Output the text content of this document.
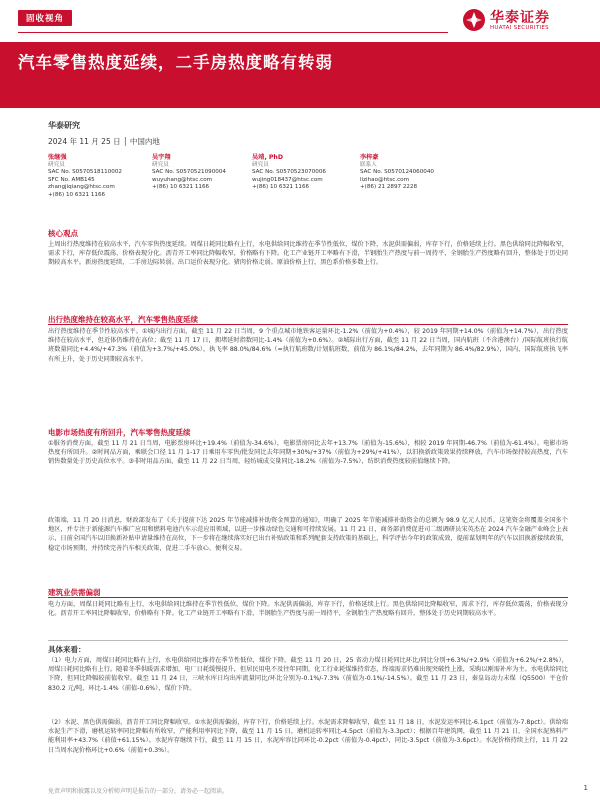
固收视角	华泰证券
HUATAI SECURITIES
汽车零售热度延续，二手房热度略有转弱
华泰研究
2024 年 11 月 25 日 │ 中国内地
张继强
研究员
SAC No. S0570518110002
SFC No. AMB145
zhangjiqiang@htsc.com
+(86) 10 6321 1166
吴宇翔
研究员
SAC No. S0570521090004
wuyuhang@htsc.com
+(86) 10 6321 1166
吴靖, PhD
研究员
SAC No. S0570523070006
wujing018437@htsc.com
+(86) 10 6321 1166
李梓豪
联系人
SAC No. S0570124060040
lizihao@htsc.com
+(86) 21 2897 2228
核心观点

上周出行热度维持在较高水平，汽车零售热度延续。周煤日耗同比略有上行，水电供给同比维持在季节性低位，煤价下降，水泥供需偏弱，库存下行，价格延续上行。黑色供给同比降幅收窄，需求下行，库存低位震荡，价格表现分化。沥青开工率同比降幅收窄，价格略有下降。化工产业链开工率略有下滑，半钢胎生产热度与前一周持平，全钢胎生产热度略有回升，整体处于历史同期较高水平。新房热度延续，二手房边际转弱。出口运价表现分化。猪肉价格走弱。原油价格上行，黑色系价格多数上行。

出行热度维持在较高水平，汽车零售热度延续

出行热度维持在季节性较高水平。①城内出行方面，截至 11 月 22 日当周，9 个重点城市地铁客运量环比-1.2%（前值为+0.4%），较 2019 年同期+14.0%（前值为+14.7%），出行热度维持在较高水平，但近体仍维持在高位；截至 11 月 17 日，拥堵延时指数同比-1.4%（前值为+0.6%）。②城际出行方面，截至 11 月 22 日当周，国内航班（不含港澳台）/国际航班执行航班数量同比+4.4%/+47.3%（前值为+3.7%/+45.0%），执飞率 88.0%/84.6%（=执行航班数/计划航班数，前值为 86.1%/84.2%，去年同期为 86.4%/82.9%），国内、国际航班执飞率有所上升，处于历史同期较高水平。

电影市场热度有所回升，汽车零售热度延续

①服务消费方面，截至 11 月 21 日当周，电影票房环比+19.4%（前值为-34.6%），电影票房同比去年+13.7%（前值为-15.6%），相较 2019 年同期-46.7%（前值为-61.4%）。电影市场热度有所回升。②时间品方面，乘联会口径 11 月 1-17 日乘用车零售/批发同比去年同期+30%/+37%（前值为+29%/+41%），以旧换新政策效果持续释放，汽车市场保持较高热度，汽车销售数量处于历史高位水平。③非时用品方面，截至 11 月 22 日当周，轻纺城成交量同比-18.2%（前值为-7.5%），纺织消费热度较前值继续下降。

政策端，11 月 20 日消息，财政部发布了《关于提前下达 2025 年节能减排补助资金预算的通知》，明确了 2025 年节能减排补助资金的总额为 98.9 亿元人民币。这笔资金将覆盖全国多个地区，并专注于新能源汽车推广应用和燃料电池汽车示范应用领域，以进一步推动绿色交通和可持续发展。11 月 21 日，商务部消费促进司二级调研员宋英杰在 2024 汽车金融产业峰会上表示，日前全国汽车以旧换新补贴申请量维持在高位，下一步将在继续落实好已出台补贴政策和系列配套支持政策的基础上，科学评估今年的政策成效，提前谋划明年的汽车以旧换新接续政策，稳定市场预期，并持续完善汽车相关政策，促进二手车放心、便利交易。

建筑业供需偏弱

电力方面，周煤日耗同比略有上行，水电供给同比维持在季节性低位，煤价下降。水泥供需偏弱，库存下行，价格延续上行。黑色供给同比降幅收窄，需求下行，库存低位震荡，价格表现分化。沥青开工率同比降幅收窄，价格略有下降。化工产业链开工率略有下滑，半钢胎生产热度与前一周持平，全钢胎生产热度略有回升，整体处于历史同期较高水平。

具体来看：

（1）电力方面，周煤日耗同比略有上行，水电供给同比维持在季节性低位，煤价下降。截至 11 月 20 日，25 省动力煤日耗同比环比/同比分别+6.3%/+2.9%（前值为+6.2%/+2.8%），周煤日耗同比略有上行。随着冬季供暖需求增加，电厂日耗缓慢提升，但居民用电不及往年同期，化工行业耗煤维持常态，终端需求仍难出现突破性上涨，采购以刚需补库为主。水电供给同比下降，但同比降幅较前值收窄。截至 11 月 24 日，三峡水库日均出库流量同比/环比分别为-0.1%/-7.3%（前值为-0.1%/-14.5%）。截至 11 月 23 日，秦皇岛动力末煤（Q5500）平仓价 830.2 元/吨，环比-1.4%（前值-0.6%），煤价下降。

（2）水泥、黑色供需偏弱，沥青开工同比降幅收窄。①水泥供需偏弱，库存下行，价格延续上行。水泥需求降幅收窄，截至 11 月 18 日，水泥发运率同比-6.1pct（前值为-7.8pct）。供给端水泥生产下滑，磨机运转率同比降幅有所收窄，产能利用率同比下降，截至 11 月 15 日，磨机运转率同比-4.5pct（前值为-3.3pct）；根据百年建筑网，截至 11 月 21 日，全国水泥熟料产能利用率+43.7%（前值+61.15%）。水泥库存继续下行，截至 11 月 15 日，水泥库容比同环比-0.2pct（前值为-0.4pct），同比-3.5pct（前值为-3.6pct）。水泥价格持续上行，11 月 22 日当周水泥价格环比+0.6%（前值+0.3%）。

免责声明和披露以及分析师声明是报告的一部分，请务必一起阅读。	1
